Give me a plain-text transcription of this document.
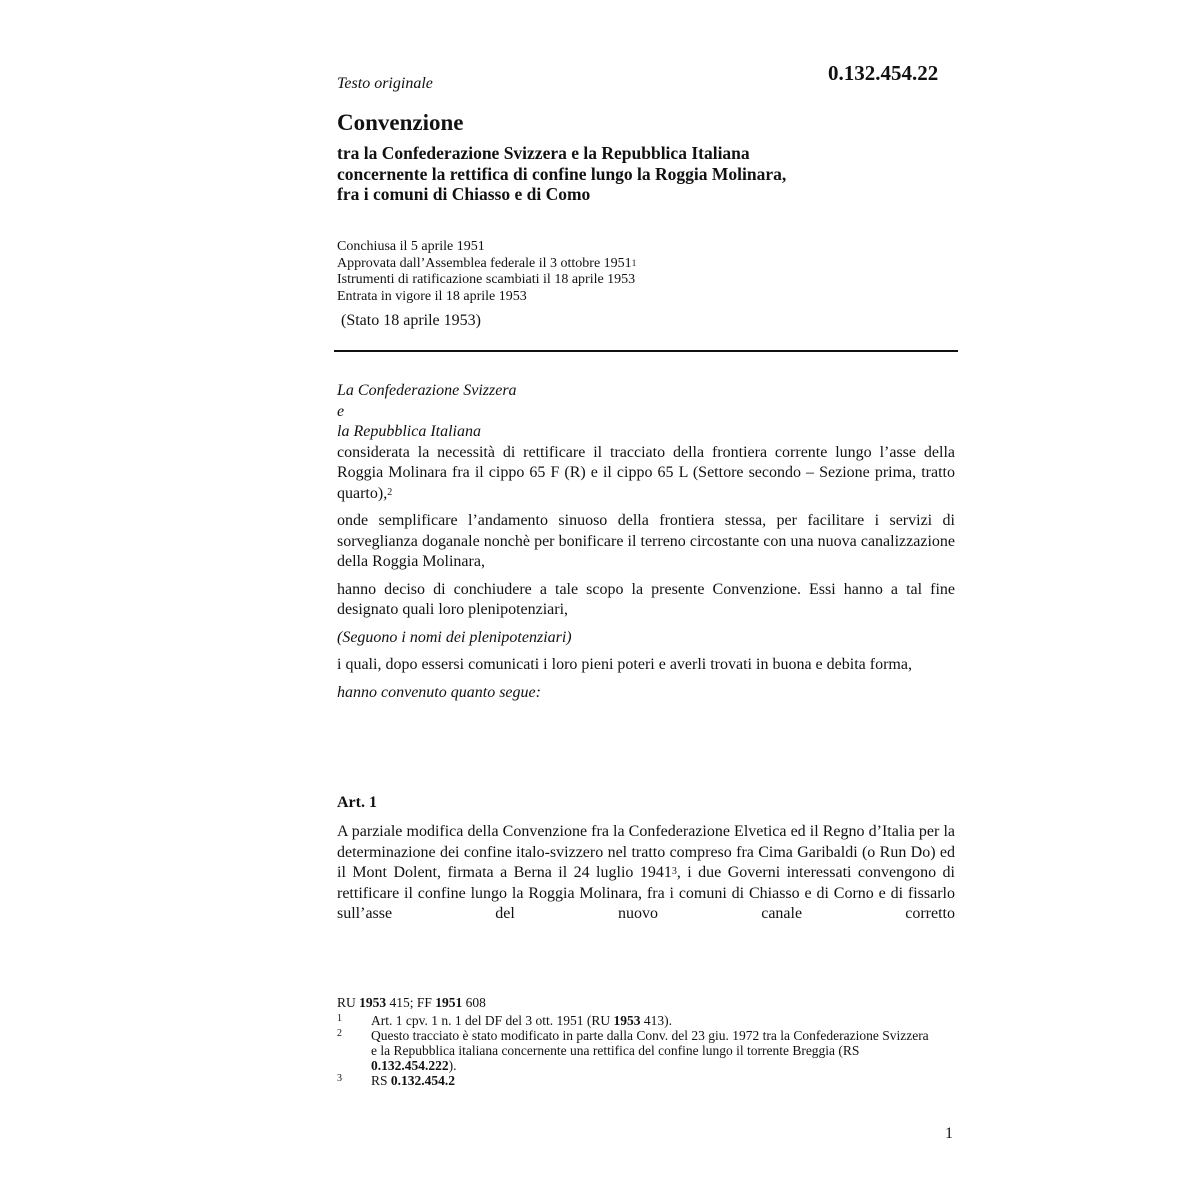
Testo originale	0.132.454.22
Convenzione
tra la Confederazione Svizzera e la Repubblica Italiana
concernente la rettifica di confine lungo la Roggia Molinara,
fra i comuni di Chiasso e di Como
Conchiusa il 5 aprile 1951
Approvata dall’Assemblea federale il 3 ottobre 1951$^1$
Istrumenti di ratificazione scambiati il 18 aprile 1953
Entrata in vigore il 18 aprile 1953
(Stato 18 aprile 1953)

La Confederazione Svizzera

e

la Repubblica Italiana

considerata la necessità di rettificare il tracciato della frontiera corrente lungo l’asse della Roggia Molinara fra il cippo 65 F (R) e il cippo 65 L (Settore secondo – Sezione prima, tratto quarto),$^2$

onde semplificare l’andamento sinuoso della frontiera stessa, per facilitare i servizi di sorveglianza doganale nonchè per bonificare il terreno circostante con una nuova canalizzazione della Roggia Molinara,

hanno deciso di conchiudere a tale scopo la presente Convenzione. Essi hanno a tal fine designato quali loro plenipotenziari,

(Seguono i nomi dei plenipotenziari)

i quali, dopo essersi comunicati i loro pieni poteri e averli trovati in buona e debita forma,

hanno convenuto quanto segue:

Art. 1

A parziale modifica della Convenzione fra la Confederazione Elvetica ed il Regno d’Italia per la determinazione dei confine italo-svizzero nel tratto compreso fra Cima Garibaldi (o Run Do) ed il Mont Dolent, firmata a Berna il 24 luglio 1941$^3$, i due Governi interessati convengono di rettificare il confine lungo la Roggia Molinara, fra i comuni di Chiasso e di Corno e di fissarlo sull’asse del nuovo canale corretto

RU 1953 415; FF 1951 608
1	Art. 1 cpv. 1 n. 1 del DF del 3 ott. 1951 (RU 1953 413).
2	Questo tracciato è stato modificato in parte dalla Conv. del 23 giu. 1972 tra la Confederazione Svizzera e la Repubblica italiana concernente una rettifica del confine lungo il torrente Breggia (RS 0.132.454.222).
3	RS 0.132.454.2
1
